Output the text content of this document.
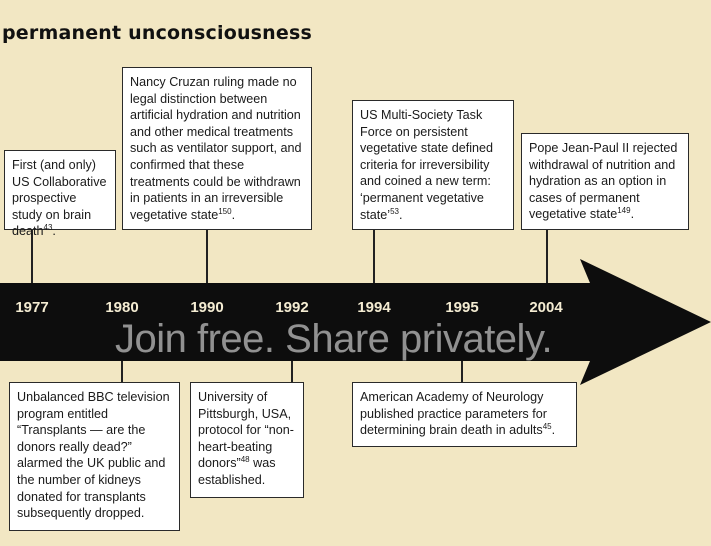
permanent unconsciousness
1977	1980	1990	1992	1994	1995	2004
First (and only) US Collaborative prospective study on brain death$^{43}$.
Nancy Cruzan ruling made no legal distinction between artificial hydration and nutrition and other medical treatments such as ventilator support, and confirmed that these treatments could be withdrawn in patients in an irreversible vegetative state$^{150}$.
US Multi-Society Task Force on persistent vegetative state defined criteria for irreversibility and coined a new term: ‘permanent vegetative state’$^{53}$.
Pope Jean-Paul II rejected withdrawal of nutrition and hydration as an option in cases of permanent vegetative state$^{149}$.
Unbalanced BBC television program entitled “Transplants — are the donors really dead?” alarmed the UK public and the number of kidneys donated for transplants subsequently dropped.
University of Pittsburgh, USA, protocol for “non-heart-beating donors”$^{48}$ was established.
American Academy of Neurology published practice parameters for determining brain death in adults$^{45}$.
Join free. Share privately.
